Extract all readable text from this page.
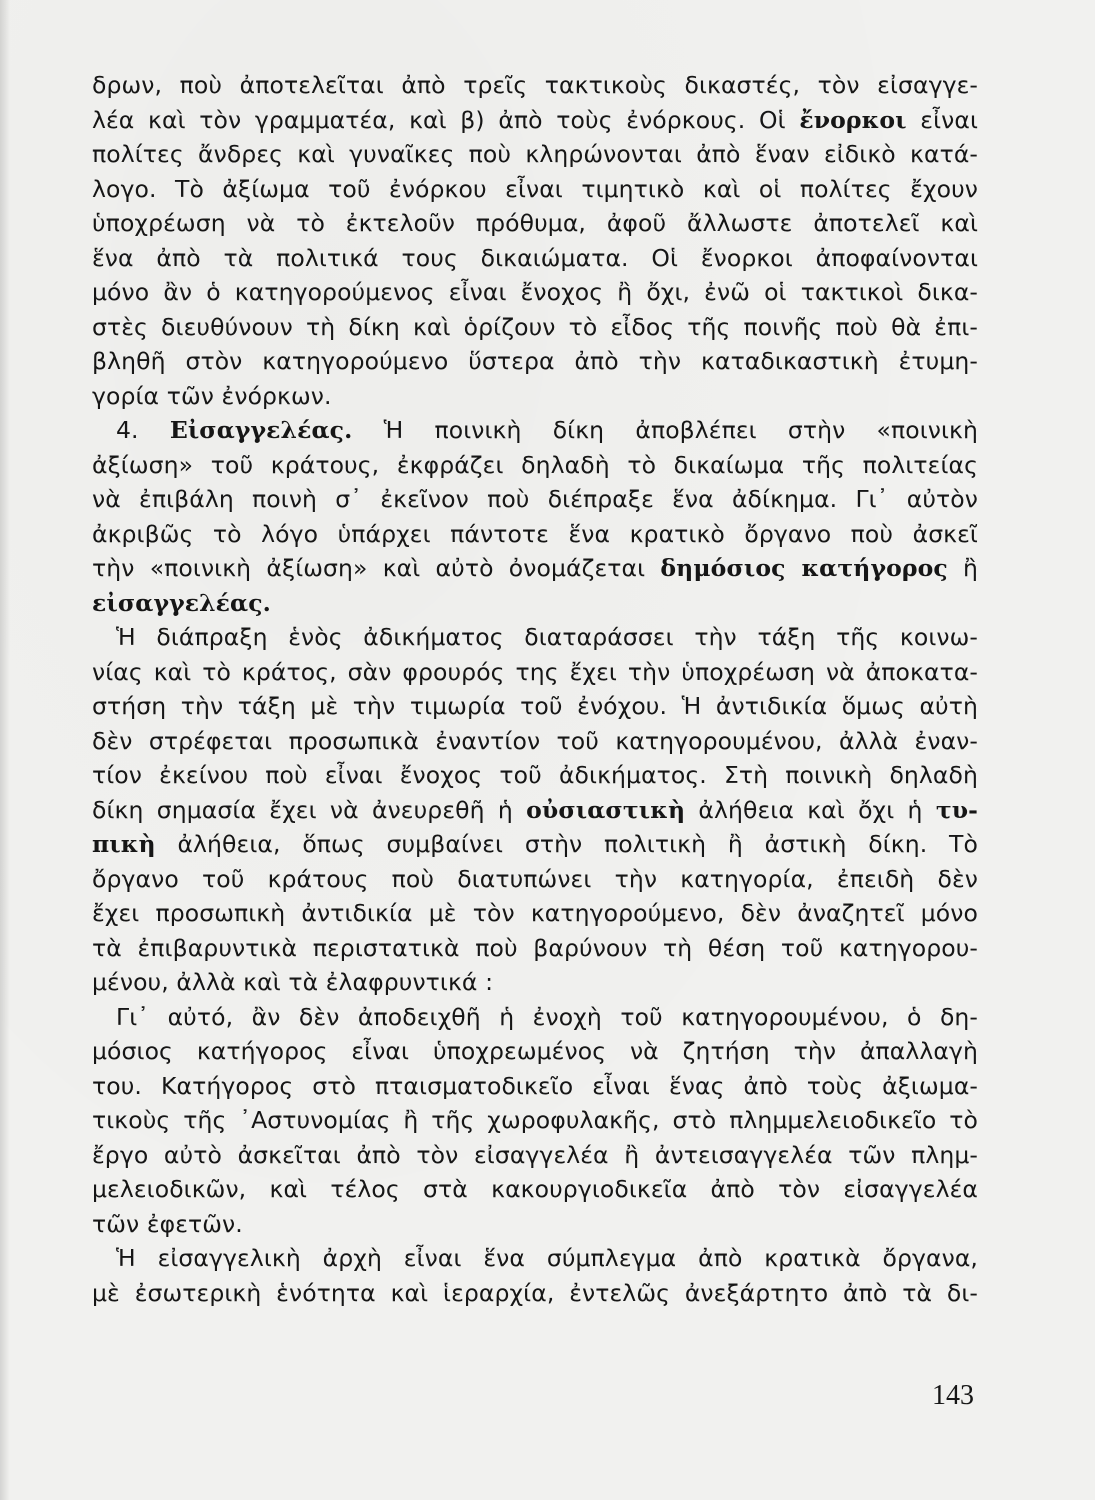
δρων, ποὺ ἀποτελεῖται ἀπὸ τρεῖς τακτικοὺς δικαστές, τὸν εἰσαγγε-
λέα καὶ τὸν γραμματέα, καὶ β) ἀπὸ τοὺς ἐνόρκους. Οἱ ἔνορκοι εἶναι
πολίτες ἄνδρες καὶ γυναῖκες ποὺ κληρώνονται ἀπὸ ἕναν εἰδικὸ κατά-
λογο. Τὸ ἀξίωμα τοῦ ἐνόρκου εἶναι τιμητικὸ καὶ οἱ πολίτες ἔχουν
ὑποχρέωση νὰ τὸ ἐκτελοῦν πρόθυμα, ἀφοῦ ἄλλωστε ἀποτελεῖ καὶ
ἕνα ἀπὸ τὰ πολιτικά τους δικαιώματα. Οἱ ἔνορκοι ἀποφαίνονται
μόνο ἂν ὁ κατηγορούμενος εἶναι ἔνοχος ἢ ὄχι, ἐνῶ οἱ τακτικοὶ δικα-
στὲς διευθύνουν τὴ δίκη καὶ ὁρίζουν τὸ εἶδος τῆς ποινῆς ποὺ θὰ ἐπι-
βληθῆ στὸν κατηγορούμενο ὕστερα ἀπὸ τὴν καταδικαστικὴ ἐτυμη-
γορία τῶν ἐνόρκων.
4. Εἰσαγγελέας. Ἡ ποινικὴ δίκη ἀποβλέπει στὴν «ποινικὴ
ἀξίωση» τοῦ κράτους, ἐκφράζει δηλαδὴ τὸ δικαίωμα τῆς πολιτείας
νὰ ἐπιβάλη ποινὴ σ᾿ ἐκεῖνον ποὺ διέπραξε ἕνα ἀδίκημα. Γι᾿ αὐτὸν
ἀκριβῶς τὸ λόγο ὑπάρχει πάντοτε ἕνα κρατικὸ ὄργανο ποὺ ἀσκεῖ
τὴν «ποινικὴ ἀξίωση» καὶ αὐτὸ ὀνομάζεται δημόσιος κατήγορος ἢ
εἰσαγγελέας.
Ἡ διάπραξη ἑνὸς ἀδικήματος διαταράσσει τὴν τάξη τῆς κοινω-
νίας καὶ τὸ κράτος, σὰν φρουρός της ἔχει τὴν ὑποχρέωση νὰ ἀποκατα-
στήση τὴν τάξη μὲ τὴν τιμωρία τοῦ ἐνόχου. Ἡ ἀντιδικία ὅμως αὐτὴ
δὲν στρέφεται προσωπικὰ ἐναντίον τοῦ κατηγορουμένου, ἀλλὰ ἐναν-
τίον ἐκείνου ποὺ εἶναι ἔνοχος τοῦ ἀδικήματος. Στὴ ποινικὴ δηλαδὴ
δίκη σημασία ἔχει νὰ ἀνευρεθῆ ἡ οὐσιαστικὴ ἀλήθεια καὶ ὄχι ἡ τυ-
πικὴ ἀλήθεια, ὅπως συμβαίνει στὴν πολιτικὴ ἢ ἀστικὴ δίκη. Τὸ
ὄργανο τοῦ κράτους ποὺ διατυπώνει τὴν κατηγορία, ἐπειδὴ δὲν
ἔχει προσωπικὴ ἀντιδικία μὲ τὸν κατηγορούμενο, δὲν ἀναζητεῖ μόνο
τὰ ἐπιβαρυντικὰ περιστατικὰ ποὺ βαρύνουν τὴ θέση τοῦ κατηγορου-
μένου, ἀλλὰ καὶ τὰ ἐλαφρυντικά :
Γι᾿ αὐτό, ἂν δὲν ἀποδειχθῆ ἡ ἐνοχὴ τοῦ κατηγορουμένου, ὁ δη-
μόσιος κατήγορος εἶναι ὑποχρεωμένος νὰ ζητήση τὴν ἀπαλλαγὴ
του. Κατήγορος στὸ πταισματοδικεῖο εἶναι ἕνας ἀπὸ τοὺς ἀξιωμα-
τικοὺς τῆς ᾿Αστυνομίας ἢ τῆς χωροφυλακῆς, στὸ πλημμελειοδικεῖο τὸ
ἔργο αὐτὸ ἀσκεῖται ἀπὸ τὸν εἰσαγγελέα ἢ ἀντεισαγγελέα τῶν πλημ-
μελειοδικῶν, καὶ τέλος στὰ κακουργιοδικεῖα ἀπὸ τὸν εἰσαγγελέα
τῶν ἐφετῶν.
Ἡ εἰσαγγελικὴ ἀρχὴ εἶναι ἕνα σύμπλεγμα ἀπὸ κρατικὰ ὄργανα,
μὲ ἐσωτερικὴ ἑνότητα καὶ ἱεραρχία, ἐντελῶς ἀνεξάρτητο ἀπὸ τὰ δι-
143
